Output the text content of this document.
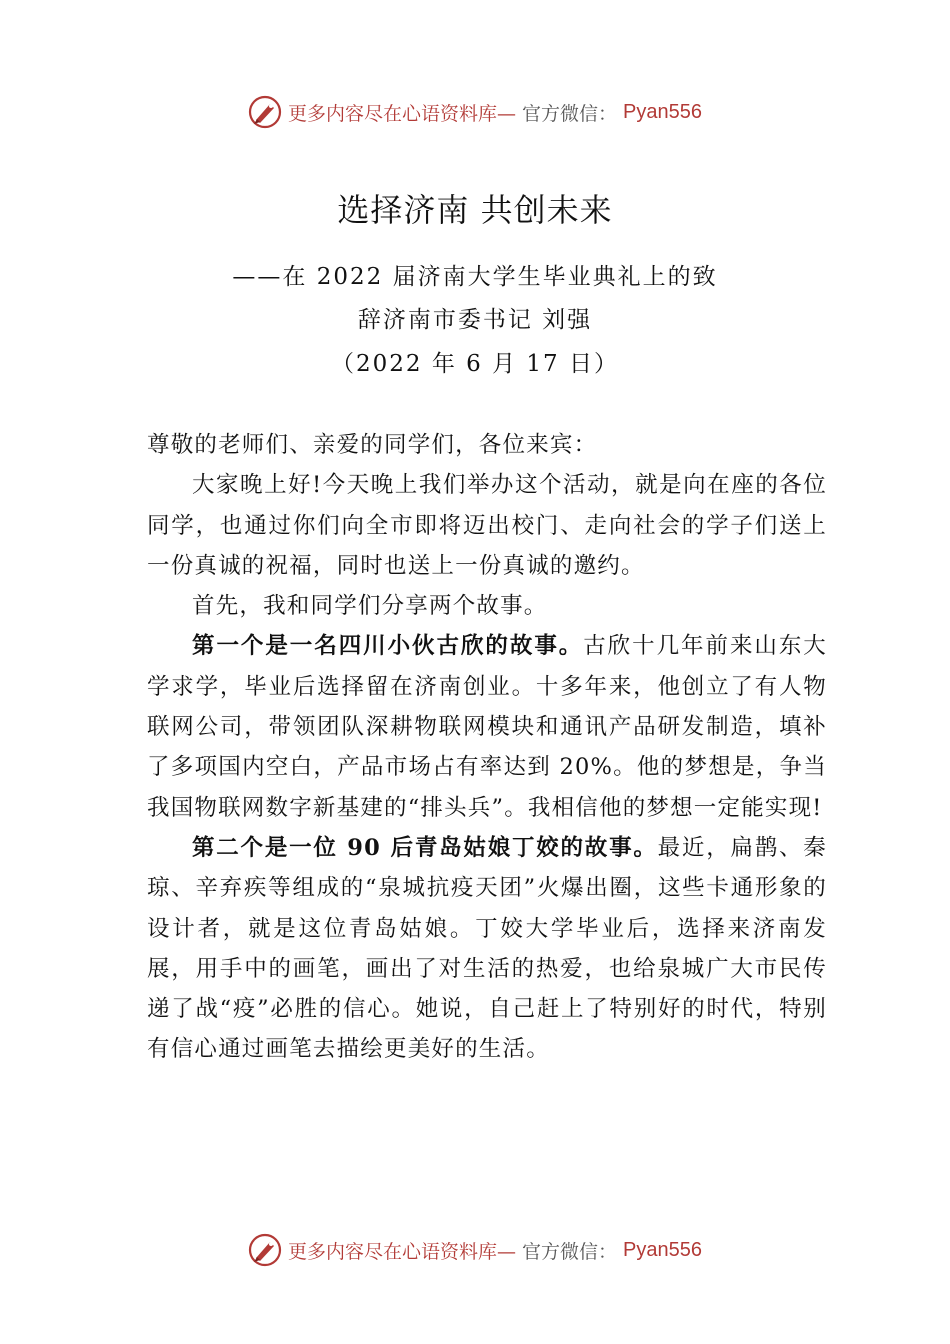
更多内容尽在心语资料库— 官方微信： Pyan556
选择济南 共创未来
——在 2022 届济南大学生毕业典礼上的致
辞济南市委书记 刘强
（2022 年 6 月 17 日）

尊敬的老师们、亲爱的同学们，各位来宾：

大家晚上好!今天晚上我们举办这个活动，就是向在座的各位同学，也通过你们向全市即将迈出校门、走向社会的学子们送上一份真诚的祝福，同时也送上一份真诚的邀约。

首先，我和同学们分享两个故事。

第一个是一名四川小伙古欣的故事。古欣十几年前来山东大学求学，毕业后选择留在济南创业。十多年来，他创立了有人物联网公司，带领团队深耕物联网模块和通讯产品研发制造，填补了多项国内空白，产品市场占有率达到 20%。他的梦想是，争当我国物联网数字新基建的“排头兵”。我相信他的梦想一定能实现!

第二个是一位 90 后青岛姑娘丁姣的故事。最近，扁鹊、秦琼、辛弃疾等组成的“泉城抗疫天团”火爆出圈，这些卡通形象的设计者，就是这位青岛姑娘。丁姣大学毕业后，选择来济南发展，用手中的画笔，画出了对生活的热爱，也给泉城广大市民传递了战“疫”必胜的信心。她说，自己赶上了特别好的时代，特别有信心通过画笔去描绘更美好的生活。

更多内容尽在心语资料库— 官方微信： Pyan556
